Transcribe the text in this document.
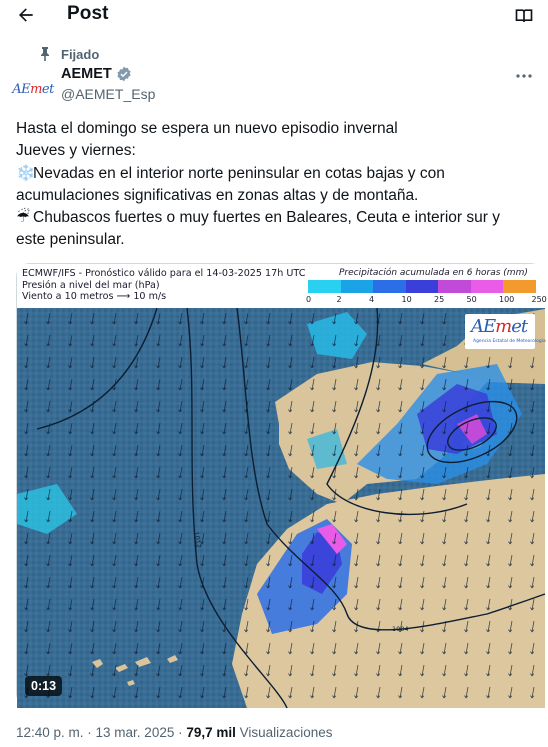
Post
Fijado
AEmet
AEMET
@AEMET_Esp

Hasta el domingo se espera un nuevo episodio invernal

Jueves y viernes:

❄️Nevadas en el interior norte peninsular en cotas bajas y con

acumulaciones significativas en zonas altas y de montaña.

☔ Chubascos fuertes o muy fuertes en Baleares, Ceuta e interior sur y

este peninsular.

1012
1004
ECMWF/IFS - Pronóstico válido para el 14-03-2025 17h UTC
Presión a nivel del mar (hPa)
Viento a 10 metros ⟶ 10 m/s
Precipitación acumulada en 6 horas (mm)
0	2	4	10	25	50	100 250
AEmet
Agencia Estatal de Meteorología
0:13
12:40 p. m. · 13 mar. 2025 · 79,7 mil Visualizaciones
